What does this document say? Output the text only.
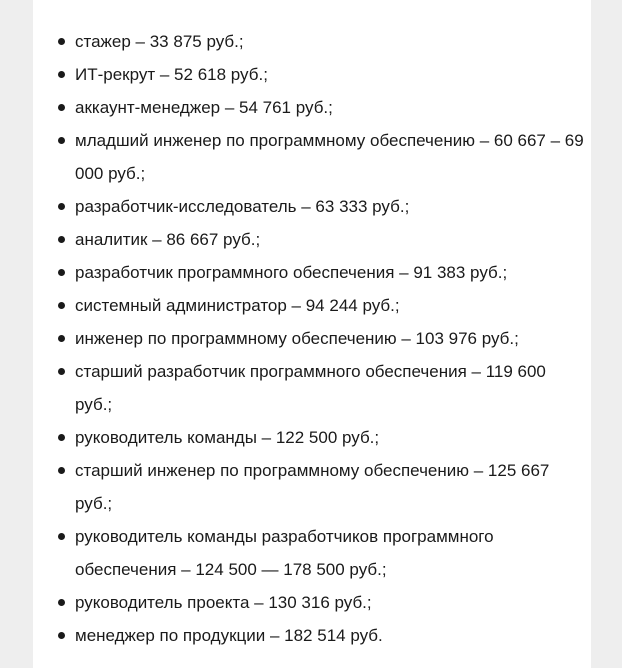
стажер – 33 875 руб.;
ИТ-рекрут – 52 618 руб.;
аккаунт-менеджер – 54 761 руб.;
младший инженер по программному обеспечению – 60 667 – 69 000 руб.;
разработчик-исследователь – 63 333 руб.;
аналитик – 86 667 руб.;
разработчик программного обеспечения – 91 383 руб.;
системный администратор – 94 244 руб.;
инженер по программному обеспечению – 103 976 руб.;
старший разработчик программного обеспечения – 119 600 руб.;
руководитель команды – 122 500 руб.;
старший инженер по программному обеспечению – 125 667 руб.;
руководитель команды разработчиков программного обеспечения – 124 500 — 178 500 руб.;
руководитель проекта – 130 316 руб.;
менеджер по продукции – 182 514 руб.
